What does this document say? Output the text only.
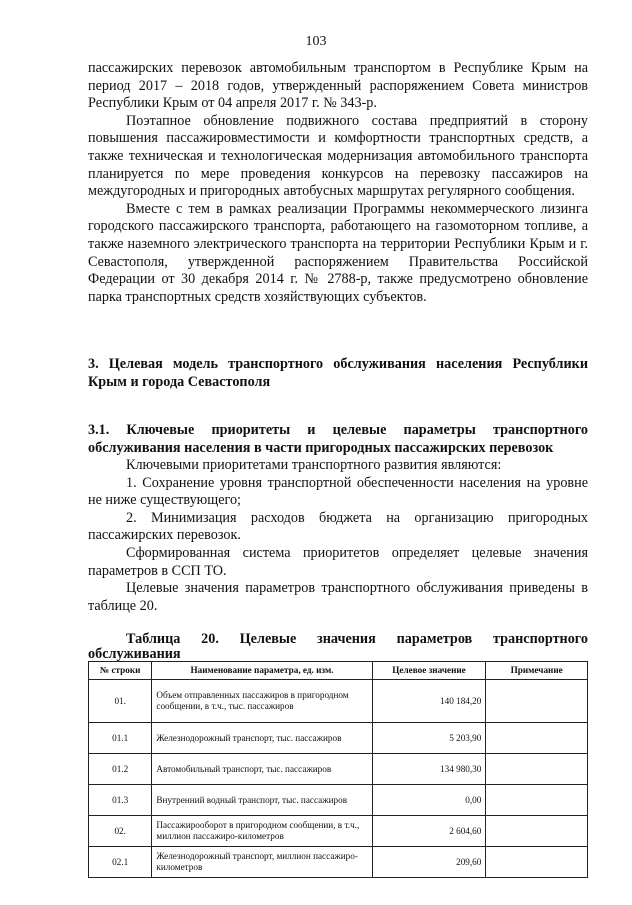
103

пассажирских перевозок автомобильным транспортом в Республике Крым на период 2017 – 2018 годов, утвержденный распоряжением Совета министров Республики Крым от 04 апреля 2017 г. № 343-р.

Поэтапное обновление подвижного состава предприятий в сторону повышения пассажировместимости и комфортности транспортных средств, а также техническая и технологическая модернизация автомобильного транспорта планируется по мере проведения конкурсов на перевозку пассажиров на междугородных и пригородных автобусных маршрутах регулярного сообщения.

Вместе с тем в рамках реализации Программы некоммерческого лизинга городского пассажирского транспорта, работающего на газомоторном топливе, а также наземного электрического транспорта на территории Республики Крым и г. Севастополя, утвержденной распоряжением Правительства Российской Федерации от 30 декабря 2014 г. № 2788-р, также предусмотрено обновление парка транспортных средств хозяйствующих субъектов.

3. Целевая модель транспортного обслуживания населения Республики Крым и города Севастополя
3.1. Ключевые приоритеты и целевые параметры транспортного обслуживания населения в части пригородных пассажирских перевозок

Ключевыми приоритетами транспортного развития являются:

1. Сохранение уровня транспортной обеспеченности населения на уровне не ниже существующего;

2. Минимизация расходов бюджета на организацию пригородных пассажирских перевозок.

Сформированная система приоритетов определяет целевые значения параметров в ССП ТО.

Целевые значения параметров транспортного обслуживания приведены в таблице 20.

Таблица 20. Целевые значения параметров транспортного
обслуживания
№ строки	Наименование параметра, ед. изм.	Целевое значение	Примечание
01.	Объем отправленных пассажиров в пригородном сообщении, в т.ч., тыс. пассажиров	140 184,20	
01.1	Железнодорожный транспорт, тыс. пассажиров	5 203,90	
01.2	Автомобильный транспорт, тыс. пассажиров	134 980,30	
01.3	Внутренний водный транспорт, тыс. пассажиров	0,00	
02.	Пассажирооборот в пригородном сообщении, в т.ч., миллион пассажиро-километров	2 604,60	
02.1	Железнодорожный транспорт, миллион пассажиро-километров	209,60	
